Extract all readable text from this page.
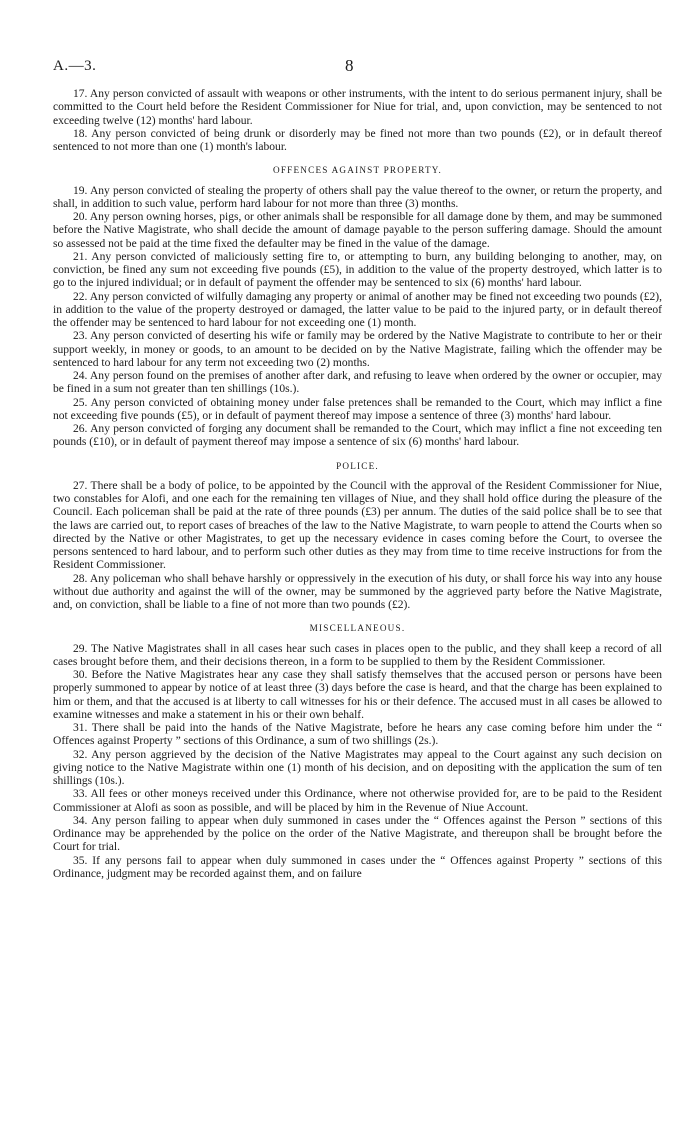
A.—3.	8

17. Any person convicted of assault with weapons or other instruments, with the intent to do serious permanent injury, shall be committed to the Court held before the Resident Commissioner for Niue for trial, and, upon conviction, may be sentenced to not exceeding twelve (12) months' hard labour.

18. Any person convicted of being drunk or disorderly may be fined not more than two pounds (£2), or in default thereof sentenced to not more than one (1) month's labour.

OFFENCES AGAINST PROPERTY.

19. Any person convicted of stealing the property of others shall pay the value thereof to the owner, or return the property, and shall, in addition to such value, perform hard labour for not more than three (3) months.

20. Any person owning horses, pigs, or other animals shall be responsible for all damage done by them, and may be summoned before the Native Magistrate, who shall decide the amount of damage payable to the person suffering damage. Should the amount so assessed not be paid at the time fixed the defaulter may be fined in the value of the damage.

21. Any person convicted of maliciously setting fire to, or attempting to burn, any building belonging to another, may, on conviction, be fined any sum not exceeding five pounds (£5), in addition to the value of the property destroyed, which latter is to go to the injured individual; or in default of payment the offender may be sentenced to six (6) months' hard labour.

22. Any person convicted of wilfully damaging any property or animal of another may be fined not exceeding two pounds (£2), in addition to the value of the property destroyed or damaged, the latter value to be paid to the injured party, or in default thereof the offender may be sentenced to hard labour for not exceeding one (1) month.

23. Any person convicted of deserting his wife or family may be ordered by the Native Magistrate to contribute to her or their support weekly, in money or goods, to an amount to be decided on by the Native Magistrate, failing which the offender may be sentenced to hard labour for any term not exceeding two (2) months.

24. Any person found on the premises of another after dark, and refusing to leave when ordered by the owner or occupier, may be fined in a sum not greater than ten shillings (10s.).

25. Any person convicted of obtaining money under false pretences shall be remanded to the Court, which may inflict a fine not exceeding five pounds (£5), or in default of payment thereof may impose a sentence of three (3) months' hard labour.

26. Any person convicted of forging any document shall be remanded to the Court, which may inflict a fine not exceeding ten pounds (£10), or in default of payment thereof may impose a sentence of six (6) months' hard labour.

POLICE.

27. There shall be a body of police, to be appointed by the Council with the approval of the Resident Commissioner for Niue, two constables for Alofi, and one each for the remaining ten villages of Niue, and they shall hold office during the pleasure of the Council. Each policeman shall be paid at the rate of three pounds (£3) per annum. The duties of the said police shall be to see that the laws are carried out, to report cases of breaches of the law to the Native Magistrate, to warn people to attend the Courts when so directed by the Native or other Magistrates, to get up the necessary evidence in cases coming before the Court, to oversee the persons sentenced to hard labour, and to perform such other duties as they may from time to time receive instructions for from the Resident Commissioner.

28. Any policeman who shall behave harshly or oppressively in the execution of his duty, or shall force his way into any house without due authority and against the will of the owner, may be summoned by the aggrieved party before the Native Magistrate, and, on conviction, shall be liable to a fine of not more than two pounds (£2).

MISCELLANEOUS.

29. The Native Magistrates shall in all cases hear such cases in places open to the public, and they shall keep a record of all cases brought before them, and their decisions thereon, in a form to be supplied to them by the Resident Commissioner.

30. Before the Native Magistrates hear any case they shall satisfy themselves that the accused person or persons have been properly summoned to appear by notice of at least three (3) days before the case is heard, and that the charge has been explained to him or them, and that the accused is at liberty to call witnesses for his or their defence. The accused must in all cases be allowed to examine witnesses and make a statement in his or their own behalf.

31. There shall be paid into the hands of the Native Magistrate, before he hears any case coming before him under the “ Offences against Property ” sections of this Ordinance, a sum of two shillings (2s.).

32. Any person aggrieved by the decision of the Native Magistrates may appeal to the Court against any such decision on giving notice to the Native Magistrate within one (1) month of his decision, and on depositing with the application the sum of ten shillings (10s.).

33. All fees or other moneys received under this Ordinance, where not otherwise provided for, are to be paid to the Resident Commissioner at Alofi as soon as possible, and will be placed by him in the Revenue of Niue Account.

34. Any person failing to appear when duly summoned in cases under the “ Offences against the Person ” sections of this Ordinance may be apprehended by the police on the order of the Native Magistrate, and thereupon shall be brought before the Court for trial.

35. If any persons fail to appear when duly summoned in cases under the “ Offences against Property ” sections of this Ordinance, judgment may be recorded against them, and on failure
